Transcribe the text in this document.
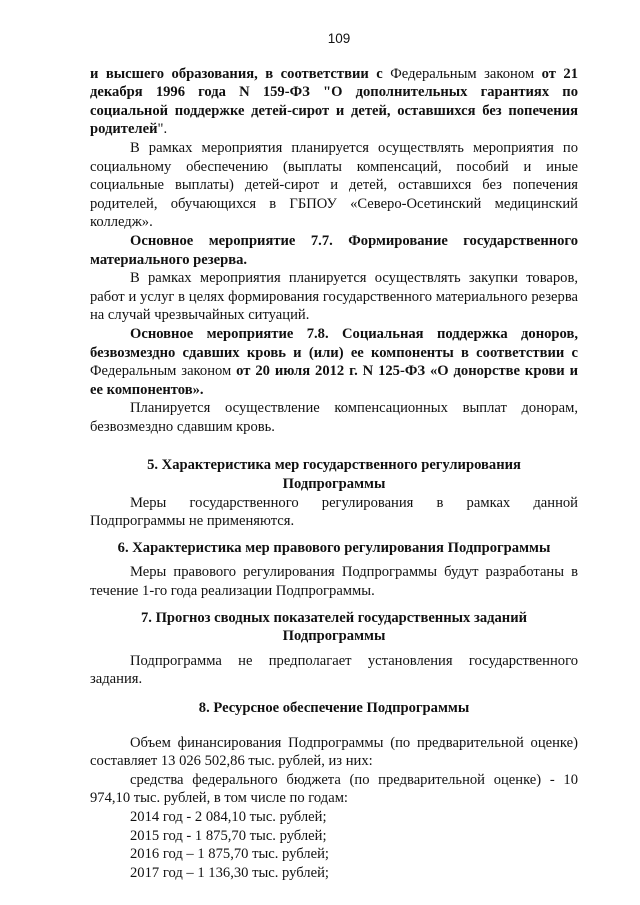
109

и высшего образования, в соответствии с Федеральным законом от 21 декабря 1996 года N 159-ФЗ "О дополнительных гарантиях по социальной поддержке детей-сирот и детей, оставшихся без попечения родителей".

В рамках мероприятия планируется осуществлять мероприятия по социальному обеспечению (выплаты компенсаций, пособий и иные социальные выплаты) детей-сирот и детей, оставшихся без попечения родителей, обучающихся в ГБПОУ «Северо-Осетинский медицинский колледж».

Основное мероприятие 7.7. Формирование государственного материального резерва.

В рамках мероприятия планируется осуществлять закупки товаров, работ и услуг в целях формирования государственного материального резерва на случай чрезвычайных ситуаций.

Основное мероприятие 7.8. Социальная поддержка доноров, безвозмездно сдавших кровь и (или) ее компоненты в соответствии с Федеральным законом от 20 июля 2012 г. N 125-ФЗ «О донорстве крови и ее компонентов».

Планируется осуществление компенсационных выплат донорам, безвозмездно сдавшим кровь.

5. Характеристика мер государственного регулирования
Подпрограммы

Меры государственного регулирования в рамках данной Подпрограммы не применяются.

6. Характеристика мер правового регулирования Подпрограммы

Меры правового регулирования Подпрограммы будут разработаны в течение 1-го года реализации Подпрограммы.

7. Прогноз сводных показателей государственных заданий
Подпрограммы

Подпрограмма не предполагает установления государственного задания.

8. Ресурсное обеспечение Подпрограммы

Объем финансирования Подпрограммы (по предварительной оценке) составляет 13 026 502,86 тыс. рублей, из них:

средства федерального бюджета (по предварительной оценке) - 10 974,10 тыс. рублей, в том числе по годам:

2014 год - 2 084,10 тыс. рублей;

2015 год - 1 875,70 тыс. рублей;

2016 год – 1 875,70 тыс. рублей;

2017 год – 1 136,30 тыс. рублей;
